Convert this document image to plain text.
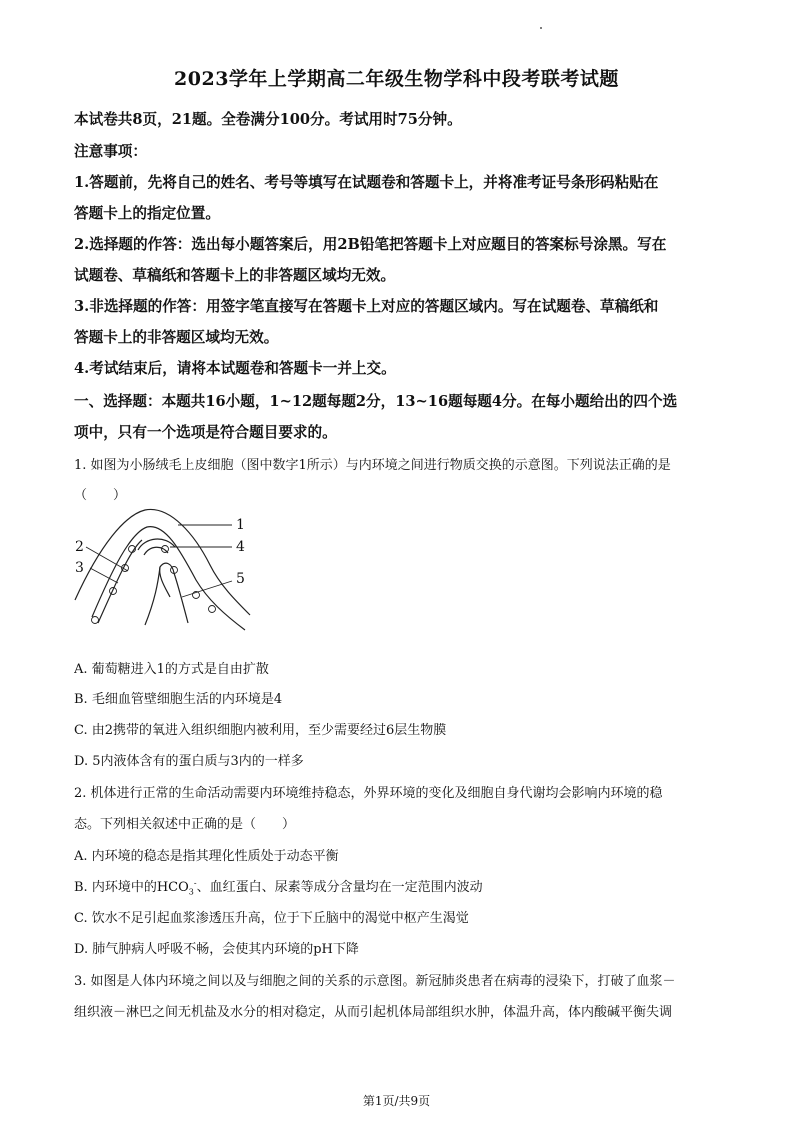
2023学年上学期高二年级生物学科中段考联考试题
本试卷共8页，21题。全卷满分100分。考试用时75分钟。
注意事项：
1.答题前，先将自己的姓名、考号等填写在试题卷和答题卡上，并将准考证号条形码粘贴在
答题卡上的指定位置。
2.选择题的作答：选出每小题答案后，用2B铅笔把答题卡上对应题目的答案标号涂黑。写在
试题卷、草稿纸和答题卡上的非答题区域均无效。
3.非选择题的作答：用签字笔直接写在答题卡上对应的答题区域内。写在试题卷、草稿纸和
答题卡上的非答题区域均无效。
4.考试结束后，请将本试题卷和答题卡一并上交。
一、选择题：本题共16小题，1~12题每题2分，13~16题每题4分。在每小题给出的四个选
项中，只有一个选项是符合题目要求的。
1. 如图为小肠绒毛上皮细胞（图中数字1所示）与内环境之间进行物质交换的示意图。下列说法正确的是
（　　）
1
2
3
4
5
A. 葡萄糖进入1的方式是自由扩散
B. 毛细血管壁细胞生活的内环境是4
C. 由2携带的氧进入组织细胞内被利用，至少需要经过6层生物膜
D. 5内液体含有的蛋白质与3内的一样多
2. 机体进行正常的生命活动需要内环境维持稳态，外界环境的变化及细胞自身代谢均会影响内环境的稳
态。下列相关叙述中正确的是（　　）
A. 内环境的稳态是指其理化性质处于动态平衡
B. 内环境中的$HCO_3^-$、血红蛋白、尿素等成分含量均在一定范围内波动
C. 饮水不足引起血浆渗透压升高，位于下丘脑中的渴觉中枢产生渴觉
D. 肺气肿病人呼吸不畅，会使其内环境的pH下降
3. 如图是人体内环境之间以及与细胞之间的关系的示意图。新冠肺炎患者在病毒的浸染下，打破了血浆－
组织液－淋巴之间无机盐及水分的相对稳定，从而引起机体局部组织水肿，体温升高，体内酸碱平衡失调
第1页/共9页
